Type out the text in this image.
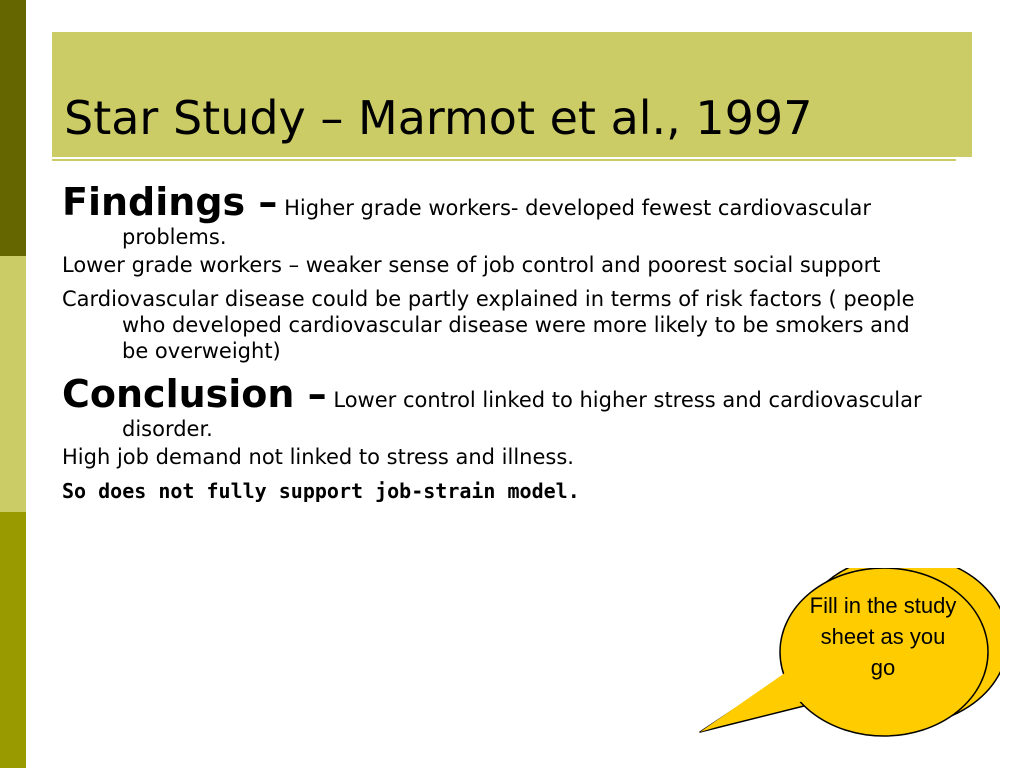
Star Study – Marmot et al., 1997

Findings – Higher grade workers- developed fewest cardiovascular problems.

Lower grade workers – weaker sense of job control and poorest social support

Cardiovascular disease could be partly explained in terms of risk factors ( people who developed cardiovascular disease were more likely to be smokers and be overweight)

Conclusion – Lower control linked to higher stress and cardiovascular disorder.

High job demand not linked to stress and illness.

So does not fully support job-strain model.

Fill in the study sheet as you go
